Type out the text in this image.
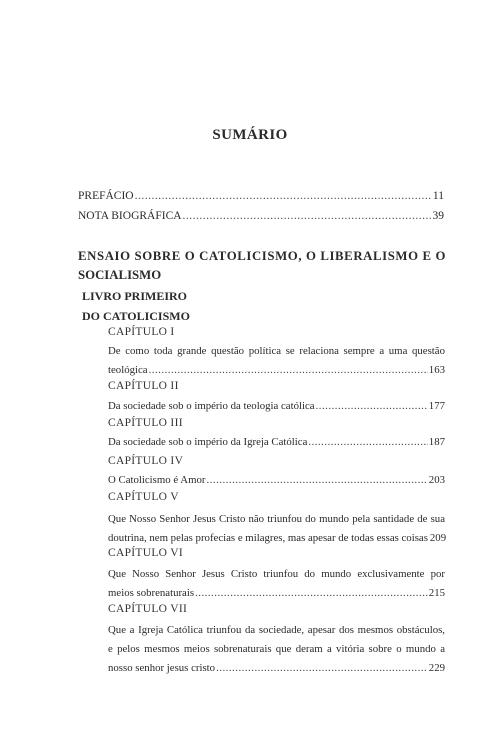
SUMÁRIO
PREFÁCIO .....	11
NOTA BIOGRÁFICA .....	39
ENSAIO SOBRE O CATOLICISMO, O LIBERALISMO E O
SOCIALISMO
LIVRO PRIMEIRO
DO CATOLICISMO
CAPÍTULO I
De como toda grande questão política se relaciona sempre a uma questão
teológica .....	163
CAPÍTULO II
Da sociedade sob o império da teologia católica .....	177
CAPÍTULO III
Da sociedade sob o império da Igreja Católica .....	187
CAPÍTULO IV
O Catolicismo é Amor .....	203
CAPÍTULO V
Que Nosso Senhor Jesus Cristo não triunfou do mundo pela santidade de sua
doutrina, nem pelas profecias e milagres, mas apesar de todas essas coisas 209
CAPÍTULO VI
Que Nosso Senhor Jesus Cristo triunfou do mundo exclusivamente por
meios sobrenaturais .....	215
CAPÍTULO VII
Que a Igreja Católica triunfou da sociedade, apesar dos mesmos obstáculos,
e pelos mesmos meios sobrenaturais que deram a vitória sobre o mundo a
nosso senhor jesus cristo .....	229
